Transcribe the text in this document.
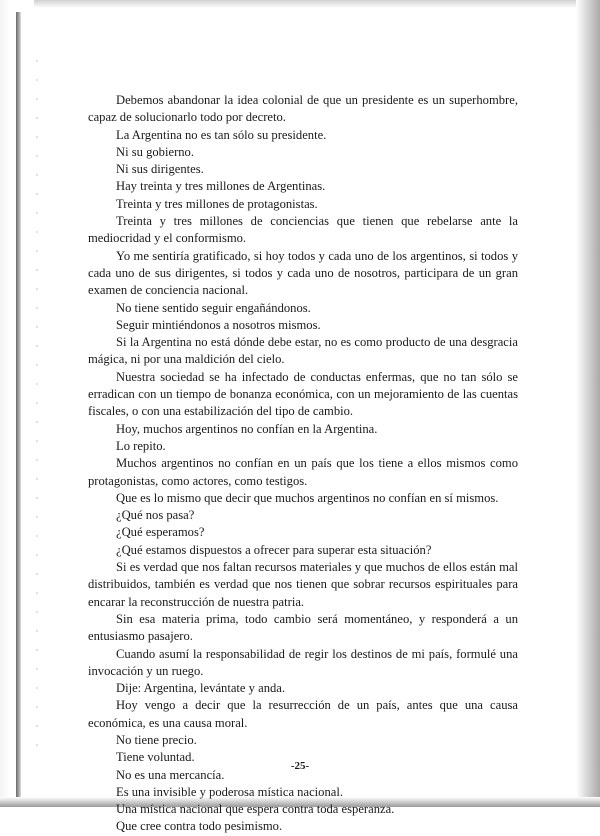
Debemos abandonar la idea colonial de que un presidente es un superhombre, capaz de solucionarlo todo por decreto.

La Argentina no es tan sólo su presidente.

Ni su gobierno.

Ni sus dirigentes.

Hay treinta y tres millones de Argentinas.

Treinta y tres millones de protagonistas.

Treinta y tres millones de conciencias que tienen que rebelarse ante la mediocridad y el conformismo.

Yo me sentiría gratificado, si hoy todos y cada uno de los argentinos, si todos y cada uno de sus dirigentes, si todos y cada uno de nosotros, participara de un gran examen de conciencia nacional.

No tiene sentido seguir engañándonos.

Seguir mintiéndonos a nosotros mismos.

Si la Argentina no está dónde debe estar, no es como producto de una desgracia mágica, ni por una maldición del cielo.

Nuestra sociedad se ha infectado de conductas enfermas, que no tan sólo se erradican con un tiempo de bonanza económica, con un mejoramiento de las cuentas fiscales, o con una estabilización del tipo de cambio.

Hoy, muchos argentinos no confían en la Argentina.

Lo repito.

Muchos argentinos no confían en un país que los tiene a ellos mismos como protagonistas, como actores, como testigos.

Que es lo mismo que decir que muchos argentinos no confían en sí mismos.

¿Qué nos pasa?

¿Qué esperamos?

¿Qué estamos dispuestos a ofrecer para superar esta situación?

Si es verdad que nos faltan recursos materiales y que muchos de ellos están mal distribuidos, también es verdad que nos tienen que sobrar recursos espirituales para encarar la reconstrucción de nuestra patria.

Sin esa materia prima, todo cambio será momentáneo, y responderá a un entusiasmo pasajero.

Cuando asumí la responsabilidad de regir los destinos de mi país, formulé una invocación y un ruego.

Dije: Argentina, levántate y anda.

Hoy vengo a decir que la resurrección de un país, antes que una causa económica, es una causa moral.

No tiene precio.

Tiene voluntad.

No es una mercancía.

Es una invisible y poderosa mística nacional.

Una mística nacional que espera contra toda esperanza.

Que cree contra todo pesimismo.

-25-
